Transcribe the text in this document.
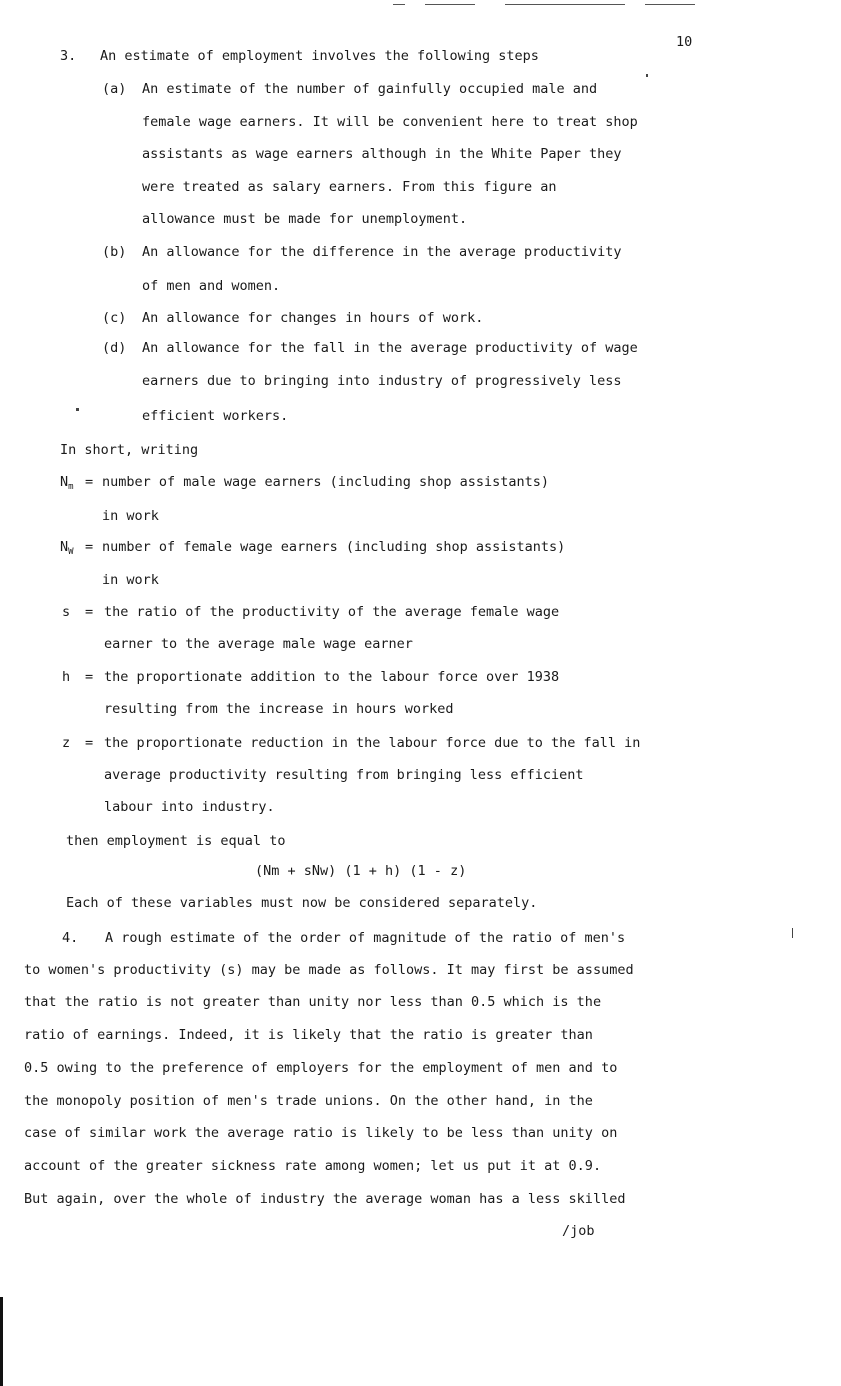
10
3. An estimate of employment involves the following steps
(a) An estimate of the number of gainfully occupied male and
female wage earners. It will be convenient here to treat shop
assistants as wage earners although in the White Paper they
were treated as salary earners. From this figure an
allowance must be made for unemployment.
(b) An allowance for the difference in the average productivity
of men and women.
(c) An allowance for changes in hours of work.
(d) An allowance for the fall in the average productivity of wage
earners due to bringing into industry of progressively less
efficient workers.
In short, writing
$N_m$ = number of male wage earners (including shop assistants)
in work
$N_W$ = number of female wage earners (including shop assistants)
in work
s = the ratio of the productivity of the average female wage
earner to the average male wage earner
h = the proportionate addition to the labour force over 1938
resulting from the increase in hours worked
z = the proportionate reduction in the labour force due to the fall in
average productivity resulting from bringing less efficient
labour into industry.
then employment is equal to
(Nm + sNw) (1 + h) (1 - z)
Each of these variables must now be considered separately.
4. A rough estimate of the order of magnitude of the ratio of men's
to women's productivity (s) may be made as follows. It may first be assumed
that the ratio is not greater than unity nor less than 0.5 which is the
ratio of earnings. Indeed, it is likely that the ratio is greater than
0.5 owing to the preference of employers for the employment of men and to
the monopoly position of men's trade unions. On the other hand, in the
case of similar work the average ratio is likely to be less than unity on
account of the greater sickness rate among women; let us put it at 0.9.
But again, over the whole of industry the average woman has a less skilled
/job
